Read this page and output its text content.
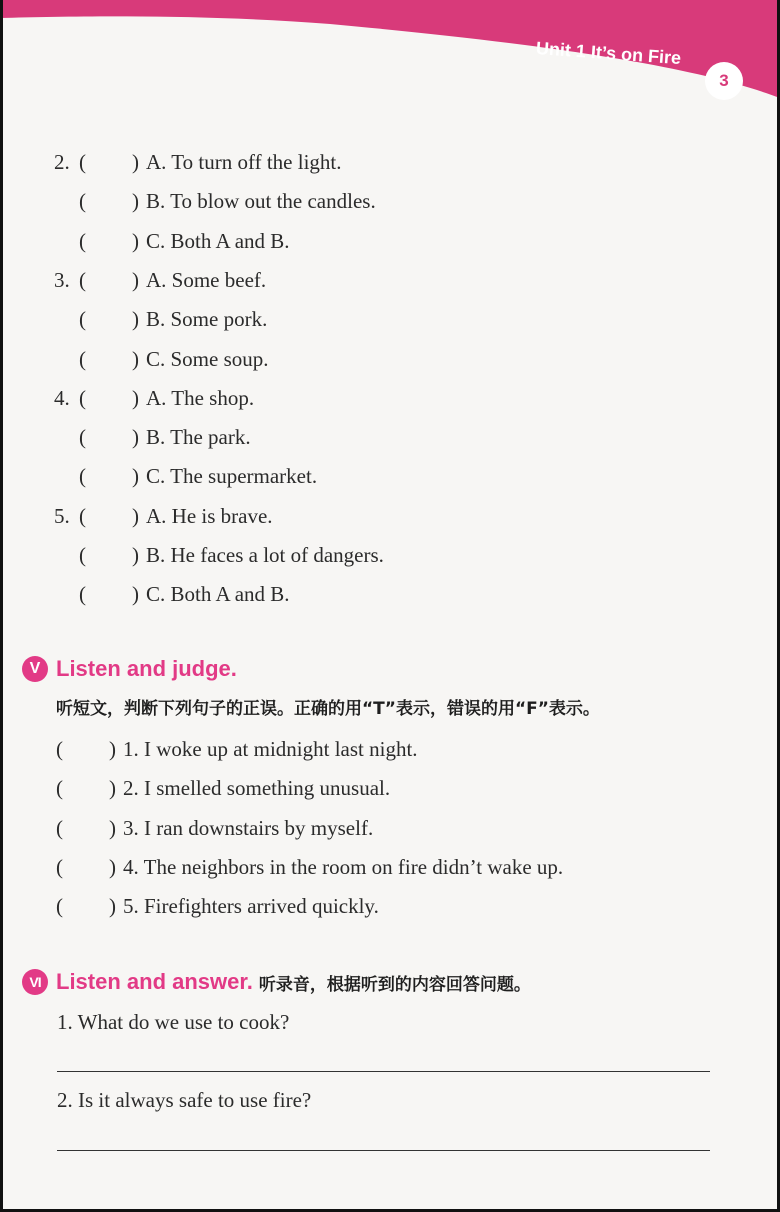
Unit 1 It’s on Fire
3
2. ( ) A. To turn off the light.
( ) B. To blow out the candles.
( ) C. Both A and B.
3. ( ) A. Some beef.
( ) B. Some pork.
( ) C. Some soup.
4. ( ) A. The shop.
( ) B. The park.
( ) C. The supermarket.
5. ( ) A. He is brave.
( ) B. He faces a lot of dangers.
( ) C. Both A and B.
V Listen and judge.
听短文，判断下列句子的正误。正确的用“T”表示，错误的用“F”表示。
( ) 1. I woke up at midnight last night.
( ) 2. I smelled something unusual.
( ) 3. I ran downstairs by myself.
( ) 4. The neighbors in the room on fire didn’t wake up.
( ) 5. Firefighters arrived quickly.
VI Listen and answer. 听录音，根据听到的内容回答问题。
1. What do we use to cook?
2. Is it always safe to use fire?
